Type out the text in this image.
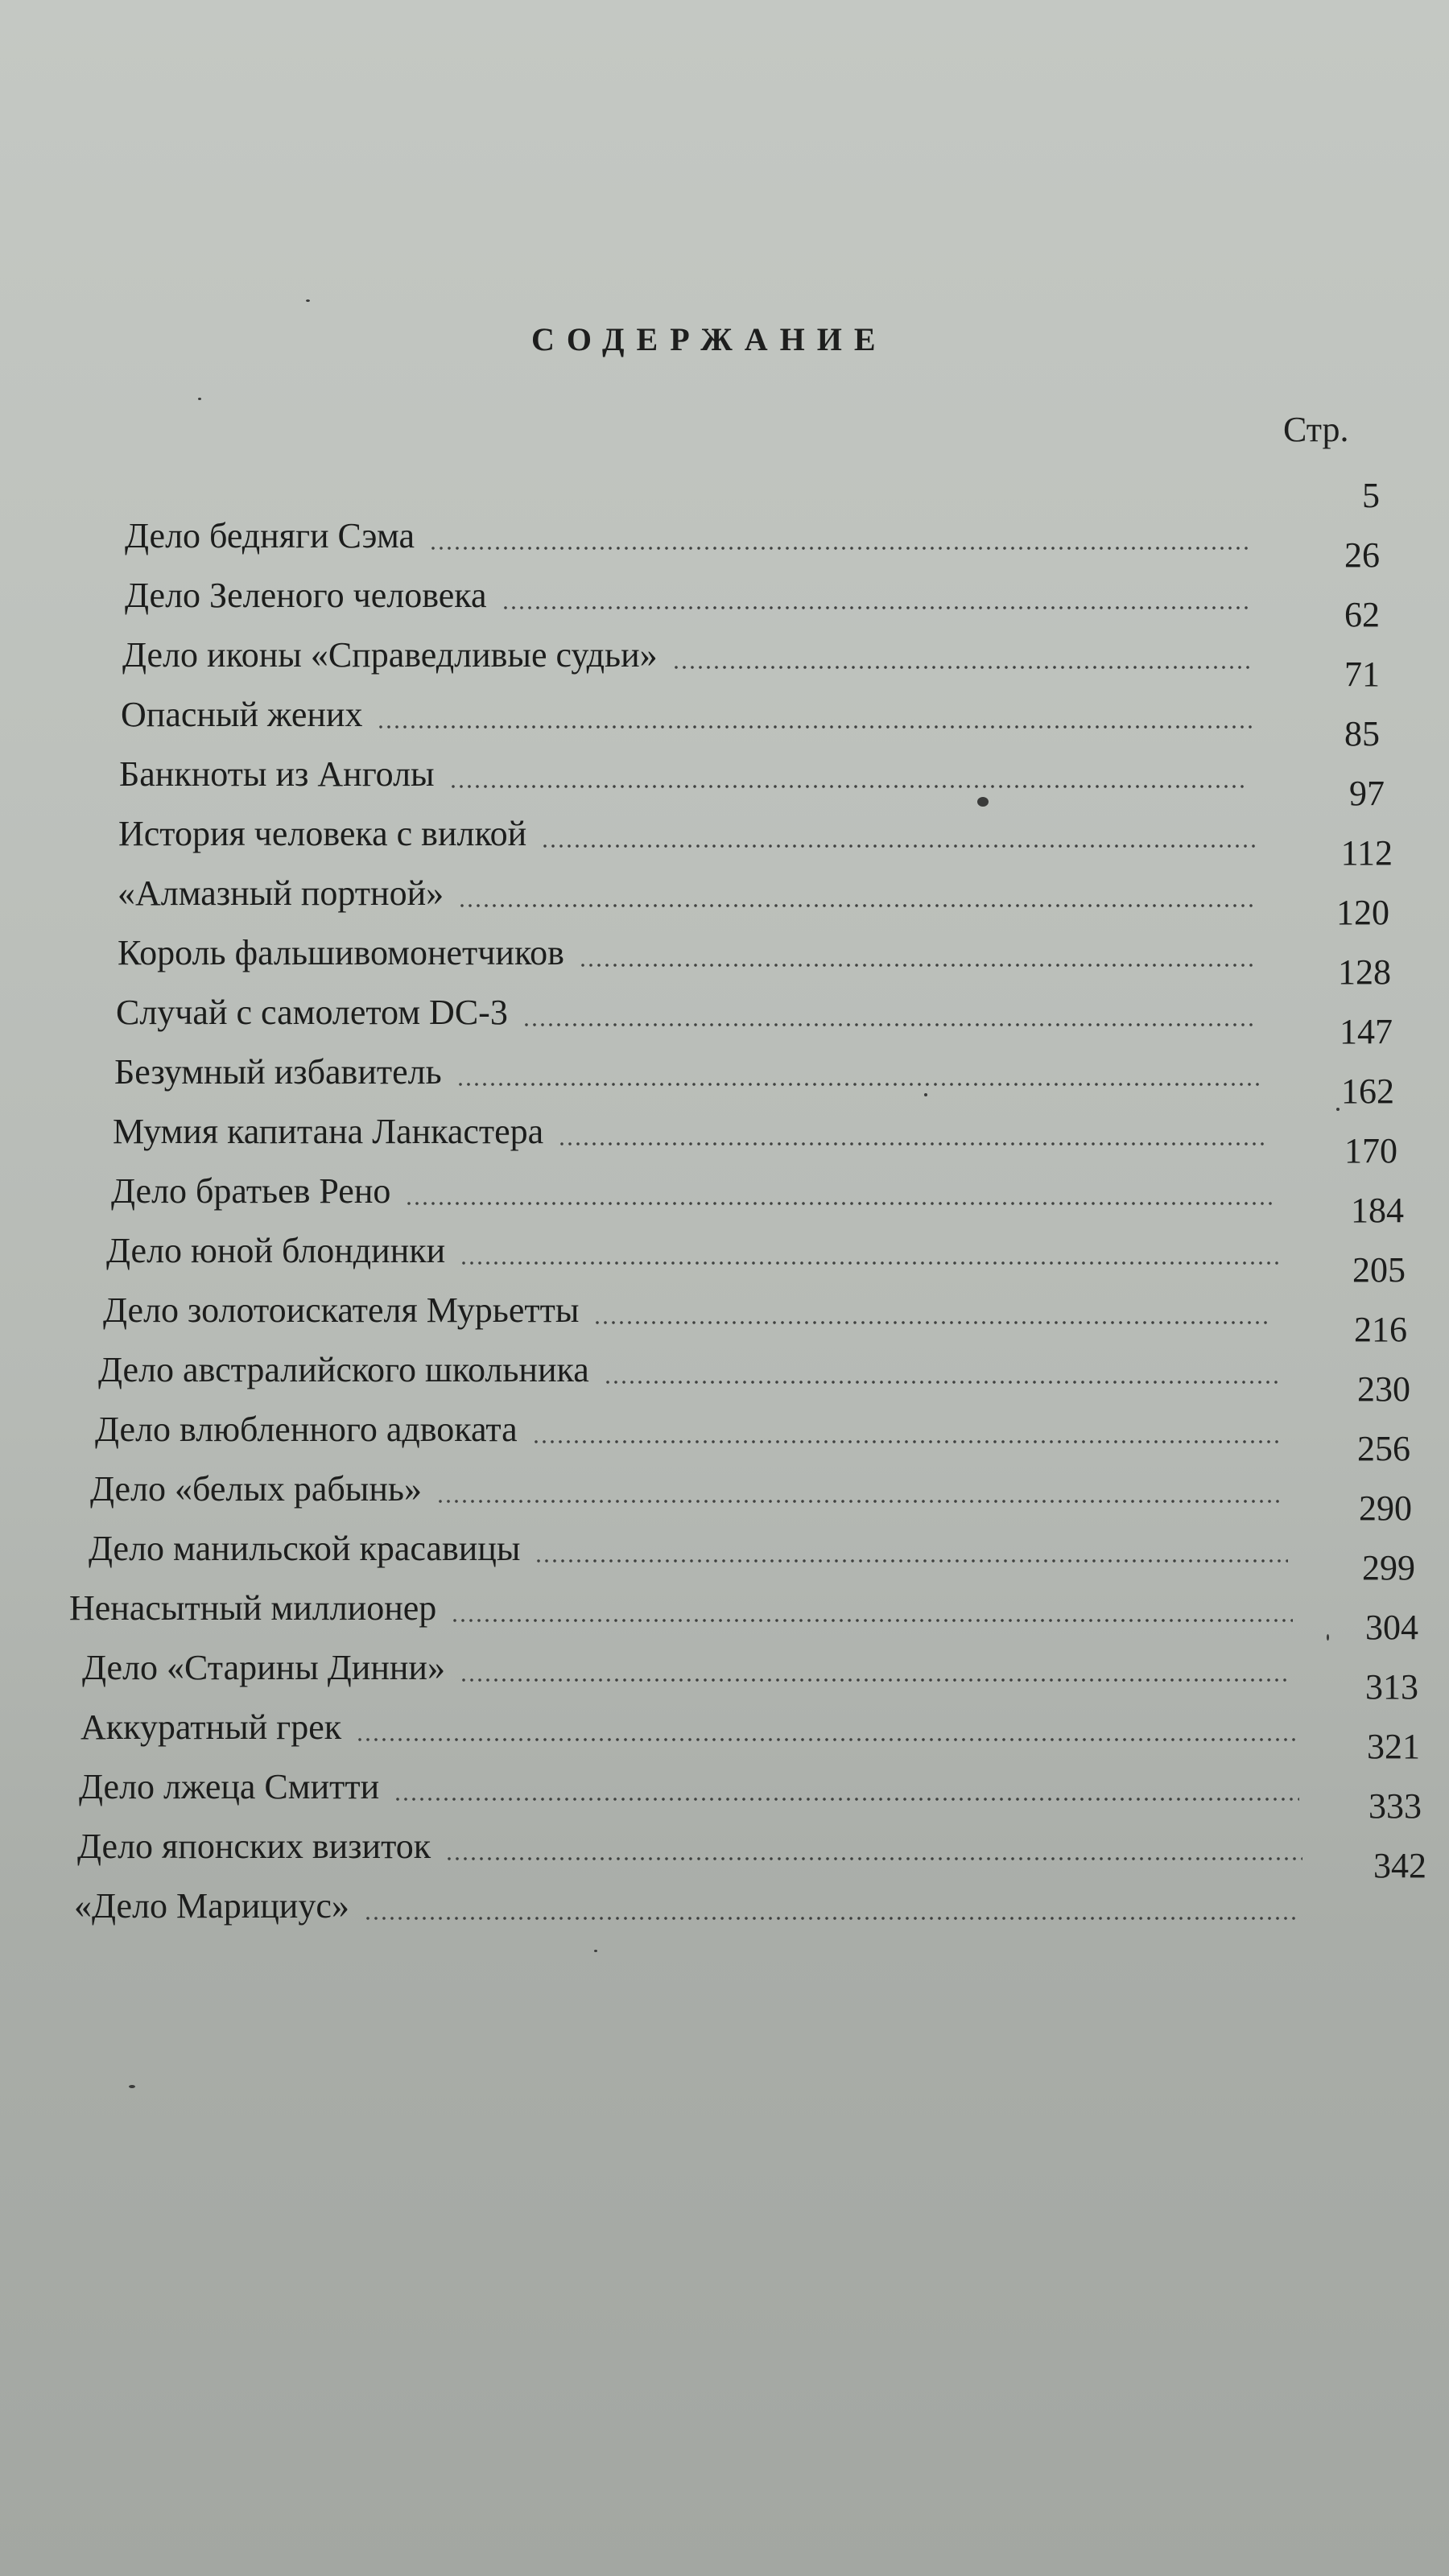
СОДЕРЖАНИЕ
Стр.
Дело бедняги Сэма
5
Дело Зеленого человека
26
Дело иконы «Справедливые судьи»
62
Опасный жених
71
Банкноты из Анголы
85
История человека с вилкой
97
«Алмазный портной»
112
Король фальшивомонетчиков
120
Случай с самолетом DC-3
128
Безумный избавитель
147
Мумия капитана Ланкастера
162
Дело братьев Рено
170
Дело юной блондинки
184
Дело золотоискателя Мурьетты
205
Дело австралийского школьника
216
Дело влюбленного адвоката
230
Дело «белых рабынь»
256
Дело манильской красавицы
290
Ненасытный миллионер
299
Дело «Старины Динни»
304
Аккуратный грек
313
Дело лжеца Смитти
321
Дело японских визиток
333
«Дело Марициус»
342
